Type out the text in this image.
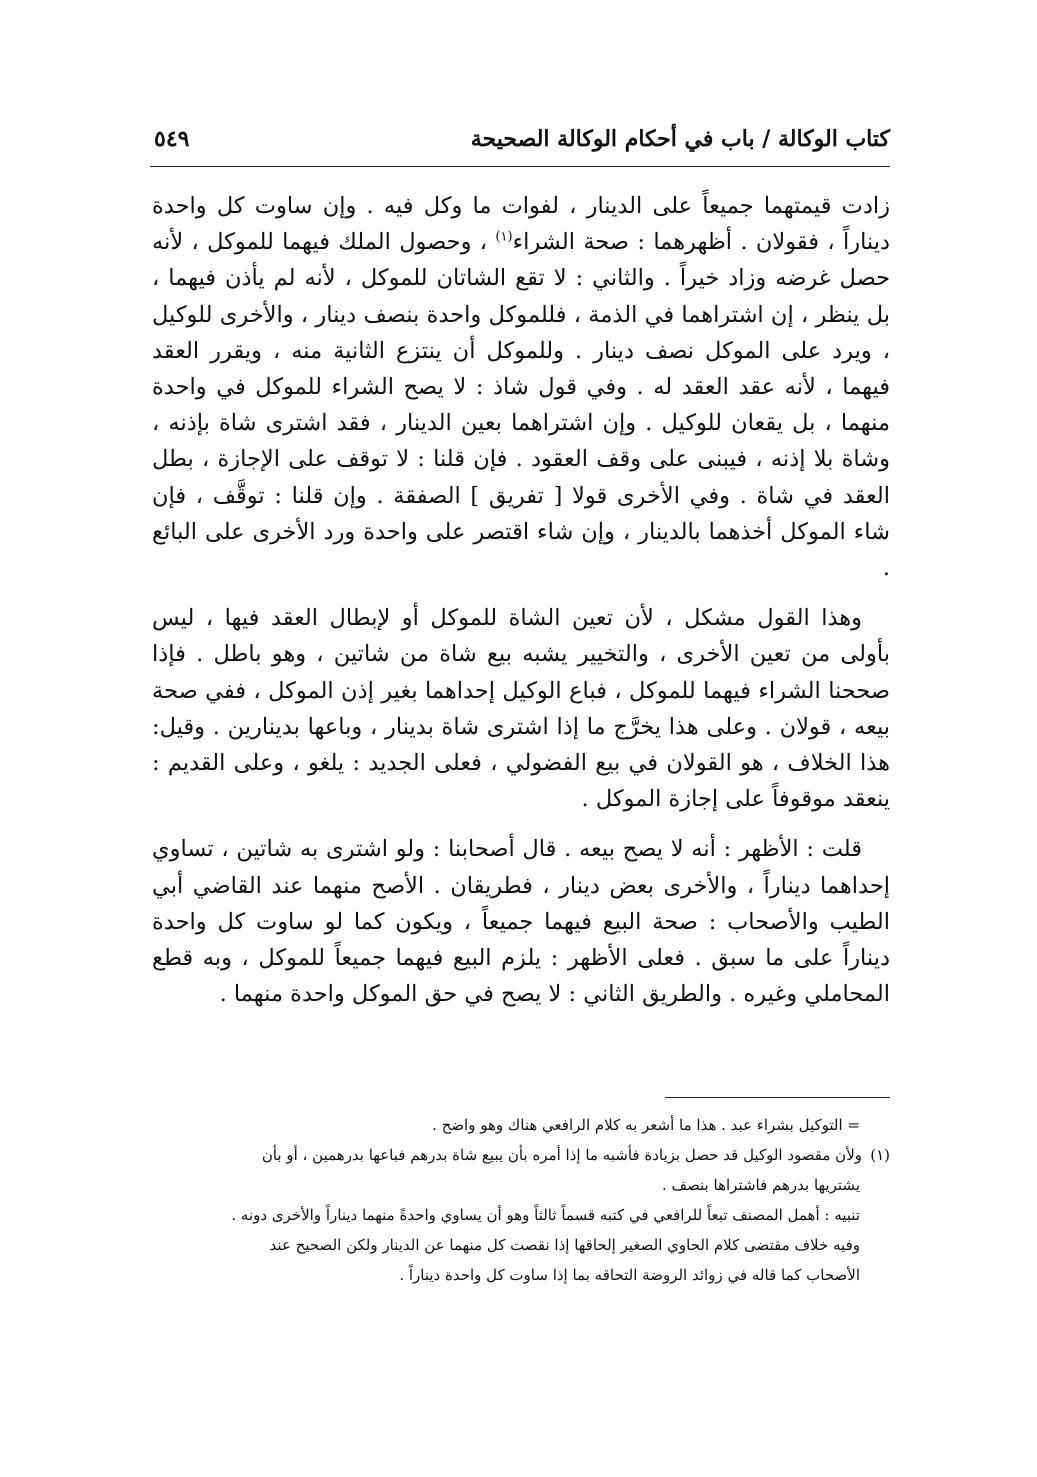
كتاب الوكالة / باب في أحكام الوكالة الصحيحة
٥٤٩

زادت قيمتهما جميعاً على الدينار ، لفوات ما وكل فيه . وإن ساوت كل واحدة ديناراً ، فقولان . أظهرهما : صحة الشراء$^{(١)}$ ، وحصول الملك فيهما للموكل ، لأنه حصل غرضه وزاد خيراً . والثاني : لا تقع الشاتان للموكل ، لأنه لم يأذن فيهما ، بل ينظر ، إن اشتراهما في الذمة ، فللموكل واحدة بنصف دينار ، والأخرى للوكيل ، ويرد على الموكل نصف دينار . وللموكل أن ينتزع الثانية منه ، ويقرر العقد فيهما ، لأنه عقد العقد له . وفي قول شاذ : لا يصح الشراء للموكل في واحدة منهما ، بل يقعان للوكيل . وإن اشتراهما بعين الدينار ، فقد اشترى شاة بإذنه ، وشاة بلا إذنه ، فيبنى على وقف العقود . فإن قلنا : لا توقف على الإجازة ، بطل العقد في شاة . وفي الأخرى قولا [ تفريق ] الصفقة . وإن قلنا : توقَّف ، فإن شاء الموكل أخذهما بالدينار ، وإن شاء اقتصر على واحدة ورد الأخرى على البائع .

وهذا القول مشكل ، لأن تعين الشاة للموكل أو لإبطال العقد فيها ، ليس بأولى من تعين الأخرى ، والتخيير يشبه بيع شاة من شاتين ، وهو باطل . فإذا صححنا الشراء فيهما للموكل ، فباع الوكيل إحداهما بغير إذن الموكل ، ففي صحة بيعه ، قولان . وعلى هذا يخرَّج ما إذا اشترى شاة بدينار ، وباعها بدينارين . وقيل: هذا الخلاف ، هو القولان في بيع الفضولي ، فعلى الجديد : يلغو ، وعلى القديم : ينعقد موقوفاً على إجازة الموكل .

قلت : الأظهر : أنه لا يصح بيعه . قال أصحابنا : ولو اشترى به شاتين ، تساوي إحداهما ديناراً ، والأخرى بعض دينار ، فطريقان . الأصح منهما عند القاضي أبي الطيب والأصحاب : صحة البيع فيهما جميعاً ، ويكون كما لو ساوت كل واحدة ديناراً على ما سبق . فعلى الأظهر : يلزم البيع فيهما جميعاً للموكل ، وبه قطع المحاملي وغيره . والطريق الثاني : لا يصح في حق الموكل واحدة منهما .

= التوكيل بشراء عبد . هذا ما أشعر به كلام الرافعي هناك وهو واضح .
(١)ولأن مقصود الوكيل قد حصل بزيادة فأشبه ما إذا أمره بأن يبيع شاة بدرهم فباعها بدرهمين ، أو بأن
يشتريها بدرهم فاشتراها بنصف .
تنبيه : أهمل المصنف تبعاً للرافعي في كتبه قسماً ثالثاً وهو أن يساوي واحدةً منهما ديناراً والأخرى دونه .
وفيه خلاف مقتضى كلام الحاوي الصغير إلحاقها إذا نقصت كل منهما عن الدينار ولكن الصحيح عند
الأصحاب كما قاله في زوائد الروضة التحاقه بما إذا ساوت كل واحدة ديناراً .
